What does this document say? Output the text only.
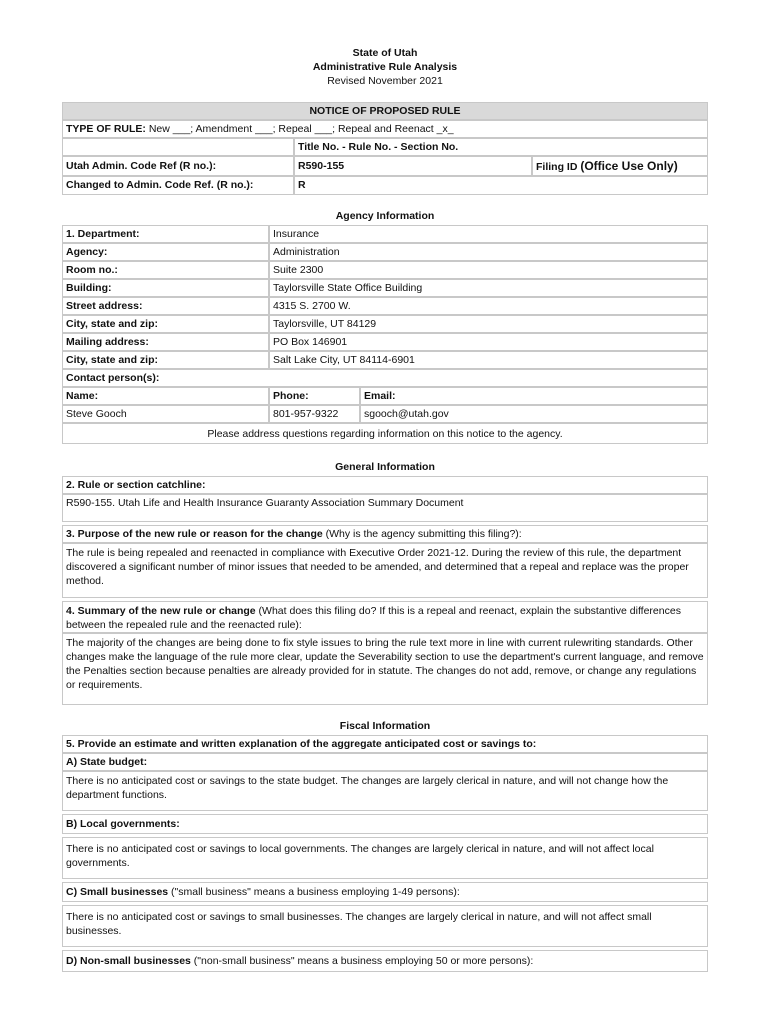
State of Utah
Administrative Rule Analysis
Revised November 2021
NOTICE OF PROPOSED RULE
TYPE OF RULE: New ___; Amendment ___; Repeal ___; Repeal and Reenact _x_
Title No. - Rule No. - Section No.
Utah Admin. Code Ref (R no.):	R590-155	Filing ID (Office Use Only)
Changed to Admin. Code Ref. (R no.):	R
Agency Information
1. Department:	Insurance
Agency:	Administration
Room no.:	Suite 2300
Building:	Taylorsville State Office Building
Street address:	4315 S. 2700 W.
City, state and zip:	Taylorsville, UT 84129
Mailing address:	PO Box 146901
City, state and zip:	Salt Lake City, UT 84114-6901
Contact person(s):
Name:	Phone:	Email:
Steve Gooch	801-957-9322	sgooch@utah.gov
Please address questions regarding information on this notice to the agency.
General Information
2. Rule or section catchline:
R590-155. Utah Life and Health Insurance Guaranty Association Summary Document
3. Purpose of the new rule or reason for the change (Why is the agency submitting this filing?):
The rule is being repealed and reenacted in compliance with Executive Order 2021-12. During the review of this rule, the department discovered a significant number of minor issues that needed to be amended, and determined that a repeal and replace was the proper method.
4. Summary of the new rule or change (What does this filing do? If this is a repeal and reenact, explain the substantive differences between the repealed rule and the reenacted rule):
The majority of the changes are being done to fix style issues to bring the rule text more in line with current rulewriting standards. Other changes make the language of the rule more clear, update the Severability section to use the department's current language, and remove the Penalties section because penalties are already provided for in statute. The changes do not add, remove, or change any regulations or requirements.
Fiscal Information
5. Provide an estimate and written explanation of the aggregate anticipated cost or savings to:
A) State budget:
There is no anticipated cost or savings to the state budget. The changes are largely clerical in nature, and will not change how the department functions.
B) Local governments:
There is no anticipated cost or savings to local governments. The changes are largely clerical in nature, and will not affect local governments.
C) Small businesses ("small business" means a business employing 1-49 persons):
There is no anticipated cost or savings to small businesses. The changes are largely clerical in nature, and will not affect small businesses.
D) Non-small businesses ("non-small business" means a business employing 50 or more persons):
